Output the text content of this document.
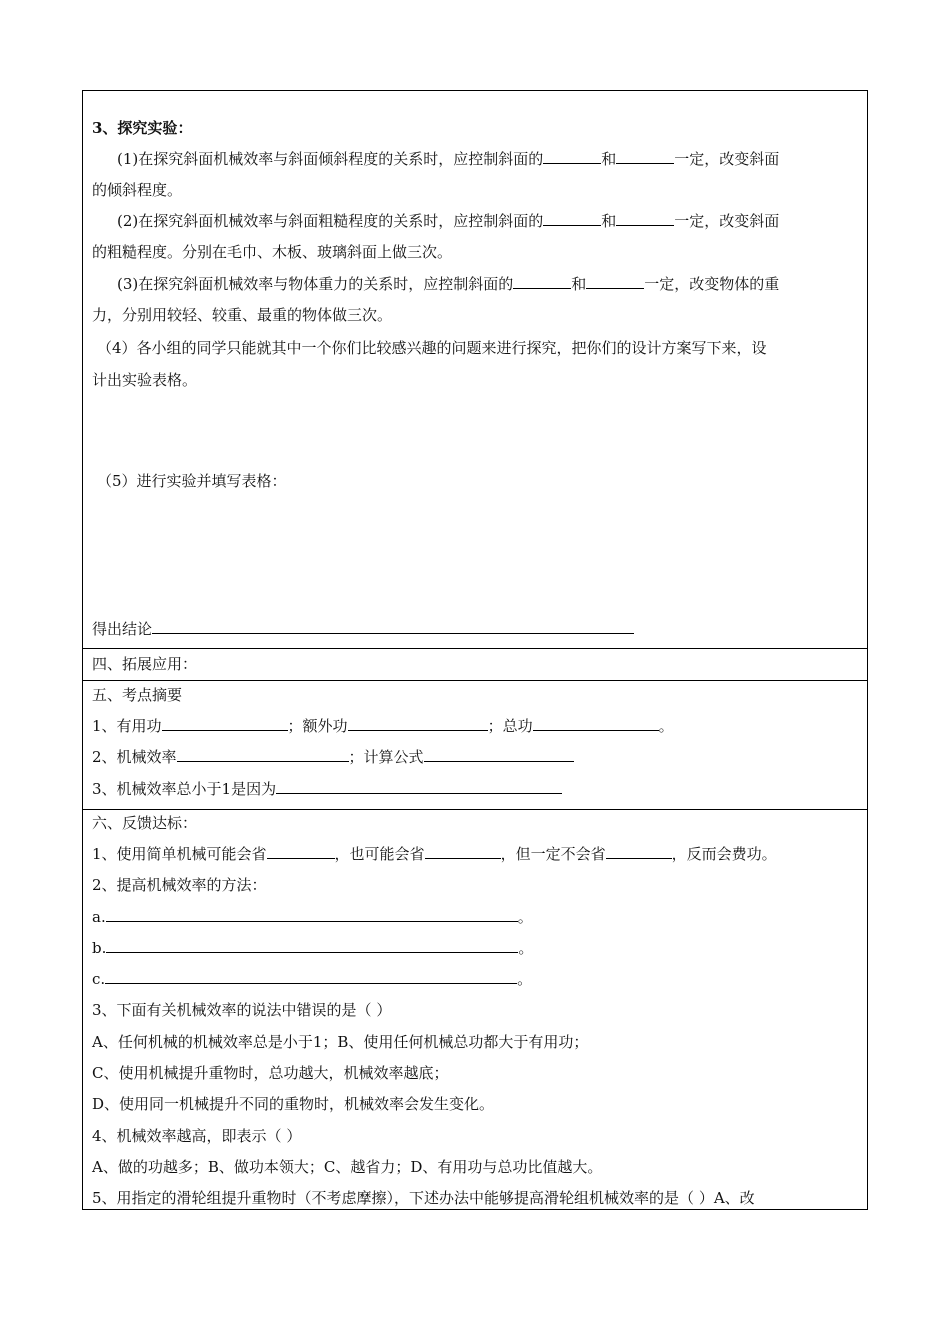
3、探究实验：
(1)在探究斜面机械效率与斜面倾斜程度的关系时，应控制斜面的	和	一定，改变斜面
的倾斜程度。
(2)在探究斜面机械效率与斜面粗糙程度的关系时，应控制斜面的	和	一定，改变斜面
的粗糙程度。分别在毛巾、木板、玻璃斜面上做三次。
(3)在探究斜面机械效率与物体重力的关系时，应控制斜面的	和	一定，改变物体的重
力，分别用较轻、较重、最重的物体做三次。
（4）各小组的同学只能就其中一个你们比较感兴趣的问题来进行探究，把你们的设计方案写下来，设
计出实验表格。
（5）进行实验并填写表格：
得出结论
四、拓展应用：
五、考点摘要
1、有用功	；额外功	；总功	。
2、机械效率	；计算公式
3、机械效率总小于1是因为
六、反馈达标：
1、使用简单机械可能会省	，也可能会省	，但一定不会省	，反而会费功。
2、提高机械效率的方法：
a.	。
b.	。
c.	。
3、下面有关机械效率的说法中错误的是（ ）
A、任何机械的机械效率总是小于1；B、使用任何机械总功都大于有用功；
C、使用机械提升重物时，总功越大，机械效率越底；
D、使用同一机械提升不同的重物时，机械效率会发生变化。
4、机械效率越高，即表示（ ）
A、做的功越多；B、做功本领大；C、越省力；D、有用功与总功比值越大。
5、用指定的滑轮组提升重物时（不考虑摩擦），下述办法中能够提高滑轮组机械效率的是（ ）A、改
